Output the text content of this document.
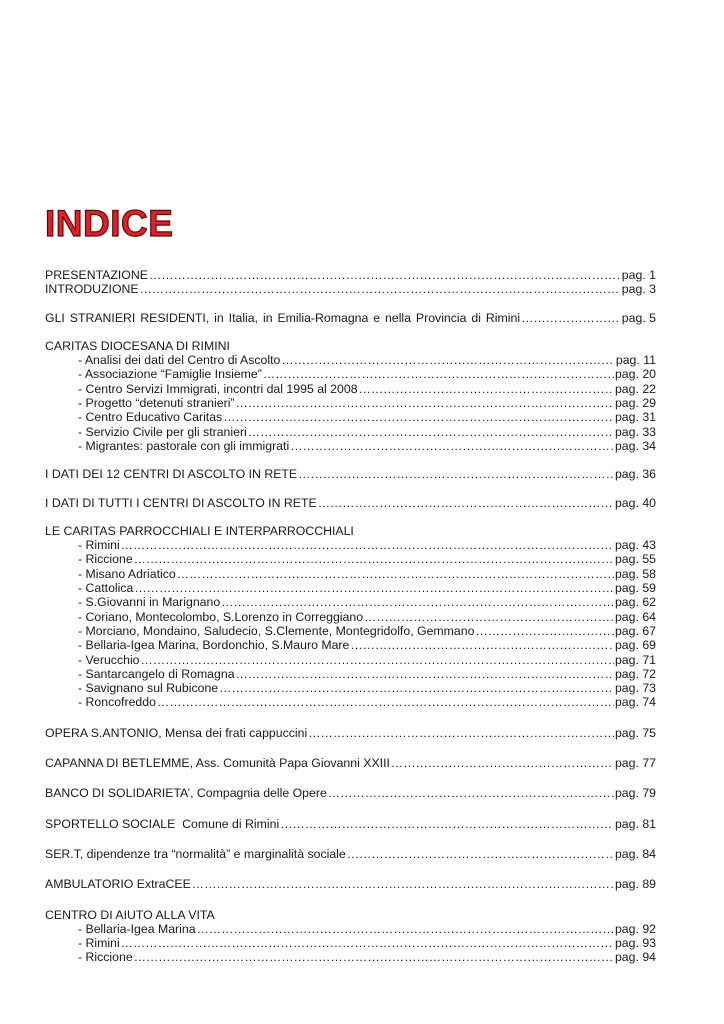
INDICE
PRESENTAZIONE ……………………………………………………………………………………………………………………………………………………………………………………	pag. 1
INTRODUZIONE ……………………………………………………………………………………………………………………………………………………………………………………	pag. 3
GLI STRANIERI RESIDENTI, in Italia, in Emilia-Romagna e nella Provincia di Rimini ……………………………………………………………………………………………………………………………………………………………………………………	pag. 5
CARITAS DIOCESANA DI RIMINI
- Analisi dei dati del Centro di Ascolto ……………………………………………………………………………………………………………………………………………………………………………………	pag. 11
- Associazione “Famiglie Insieme” ……………………………………………………………………………………………………………………………………………………………………………………	pag. 20
- Centro Servizi Immigrati, incontri dal 1995 al 2008 ……………………………………………………………………………………………………………………………………………………………………………………	pag. 22
- Progetto “detenuti stranieri” ……………………………………………………………………………………………………………………………………………………………………………………	pag. 29
- Centro Educativo Caritas ……………………………………………………………………………………………………………………………………………………………………………………	pag. 31
- Servizio Civile per gli stranieri ……………………………………………………………………………………………………………………………………………………………………………………	pag. 33
- Migrantes: pastorale con gli immigrati ……………………………………………………………………………………………………………………………………………………………………………………	pag. 34
I DATI DEI 12 CENTRI DI ASCOLTO IN RETE ……………………………………………………………………………………………………………………………………………………………………………………	pag. 36
I DATI DI TUTTI I CENTRI DI ASCOLTO IN RETE ……………………………………………………………………………………………………………………………………………………………………………………	pag. 40
LE CARITAS PARROCCHIALI E INTERPARROCCHIALI
- Rimini ……………………………………………………………………………………………………………………………………………………………………………………	pag. 43
- Riccione ……………………………………………………………………………………………………………………………………………………………………………………	pag. 55
- Misano Adriatico ……………………………………………………………………………………………………………………………………………………………………………………	pag. 58
- Cattolica ……………………………………………………………………………………………………………………………………………………………………………………	pag. 59
- S.Giovanni in Marignano ……………………………………………………………………………………………………………………………………………………………………………………	pag. 62
- Coriano, Montecolombo, S.Lorenzo in Correggiano ……………………………………………………………………………………………………………………………………………………………………………………	pag. 64
- Morciano, Mondaino, Saludecio, S.Clemente, Montegridolfo, Gemmano ……………………………………………………………………………………………………………………………………………………………………………………	pag. 67
- Bellaria-Igea Marina, Bordonchio, S.Mauro Mare ……………………………………………………………………………………………………………………………………………………………………………………	pag. 69
- Verucchio ……………………………………………………………………………………………………………………………………………………………………………………	pag. 71
- Santarcangelo di Romagna ……………………………………………………………………………………………………………………………………………………………………………………	pag. 72
- Savignano sul Rubicone ……………………………………………………………………………………………………………………………………………………………………………………	pag. 73
- Roncofreddo ……………………………………………………………………………………………………………………………………………………………………………………	pag. 74
OPERA S.ANTONIO, Mensa dei frati cappuccini ……………………………………………………………………………………………………………………………………………………………………………………	pag. 75
CAPANNA DI BETLEMME, Ass. Comunità Papa Giovanni XXIII ……………………………………………………………………………………………………………………………………………………………………………………	pag. 77
BANCO DI SOLIDARIETA’, Compagnia delle Opere ……………………………………………………………………………………………………………………………………………………………………………………	pag. 79
SPORTELLO SOCIALE  Comune di Rimini ……………………………………………………………………………………………………………………………………………………………………………………	pag. 81
SER.T, dipendenze tra “normalità” e marginalità sociale ……………………………………………………………………………………………………………………………………………………………………………………	pag. 84
AMBULATORIO ExtraCEE ……………………………………………………………………………………………………………………………………………………………………………………	pag. 89
CENTRO DI AIUTO ALLA VITA
- Bellaria-Igea Marina ……………………………………………………………………………………………………………………………………………………………………………………	pag. 92
- Rimini ……………………………………………………………………………………………………………………………………………………………………………………	pag. 93
- Riccione ……………………………………………………………………………………………………………………………………………………………………………………	pag. 94
